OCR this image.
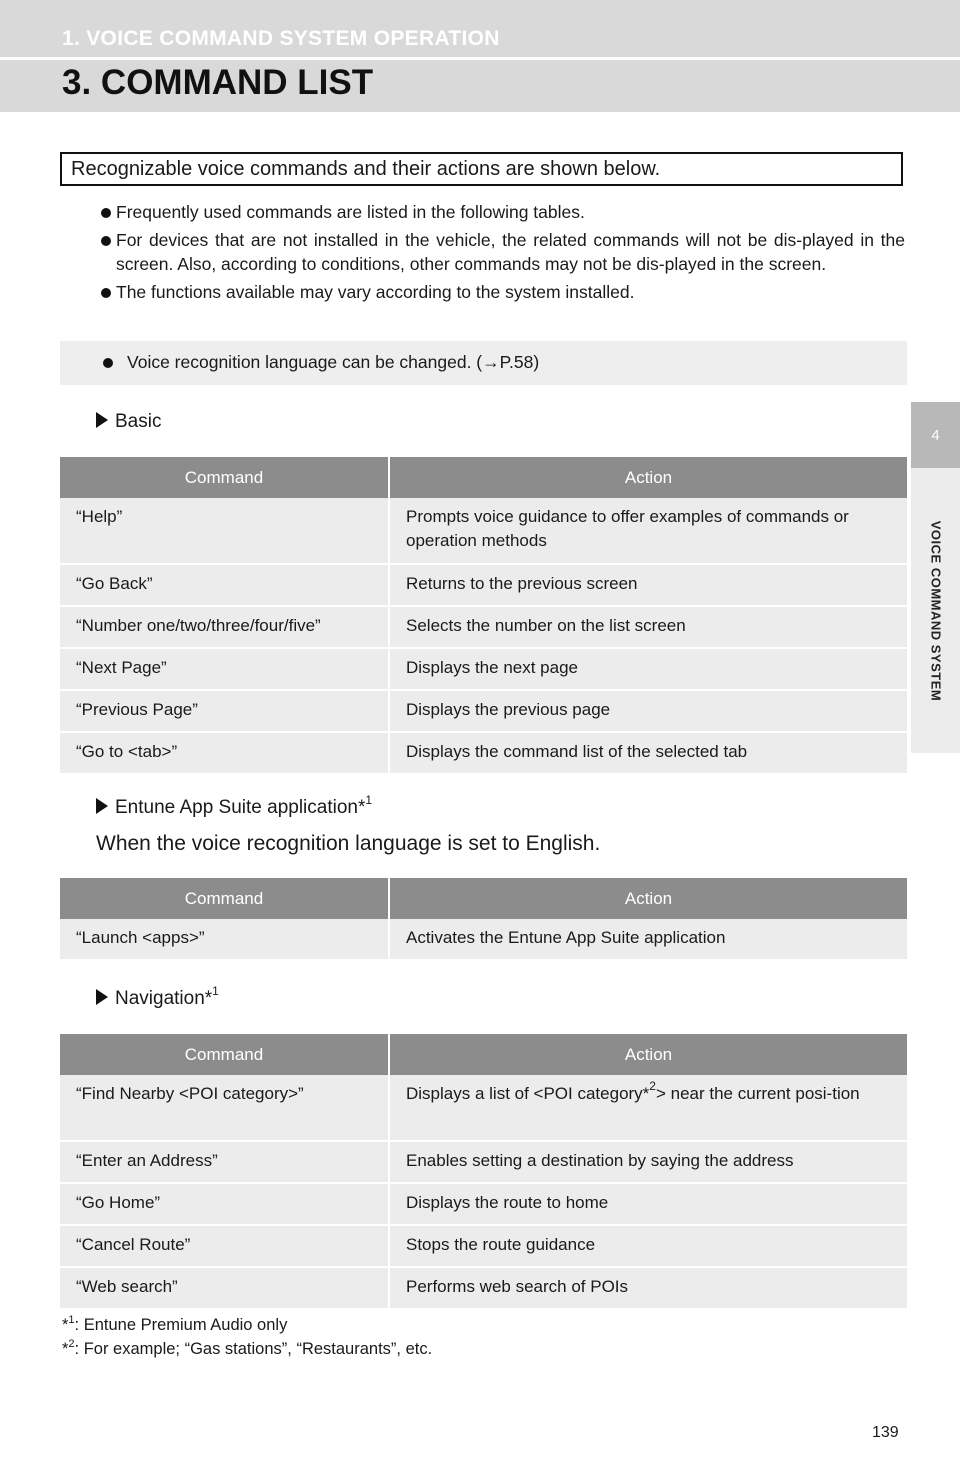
1. VOICE COMMAND SYSTEM OPERATION
3. COMMAND LIST
4
VOICE COMMAND SYSTEM
Recognizable voice commands and their actions are shown below.
Frequently used commands are listed in the following tables.
For devices that are not installed in the vehicle, the related commands will not be dis-played in the screen. Also, according to conditions, other commands may not be dis-played in the screen.
The functions available may vary according to the system installed.
Voice recognition language can be changed. (→P.58)
Basic
Command	Action
“Help”	Prompts voice guidance to offer examples of commands or operation methods
“Go Back”	Returns to the previous screen
“Number one/two/three/four/five”	Selects the number on the list screen
“Next Page”	Displays the next page
“Previous Page”	Displays the previous page
“Go to <tab>”	Displays the command list of the selected tab
Entune App Suite application*$^1$
When the voice recognition language is set to English.
Command	Action
“Launch <apps>”	Activates the Entune App Suite application
Navigation*$^1$
Command	Action
“Find Nearby <POI category>”	Displays a list of <POI category*$^2$> near the current posi-tion
“Enter an Address”	Enables setting a destination by saying the address
“Go Home”	Displays the route to home
“Cancel Route”	Stops the route guidance
“Web search”	Performs web search of POIs
*$^1$: Entune Premium Audio only
*$^2$: For example; “Gas stations”, “Restaurants”, etc.
139
